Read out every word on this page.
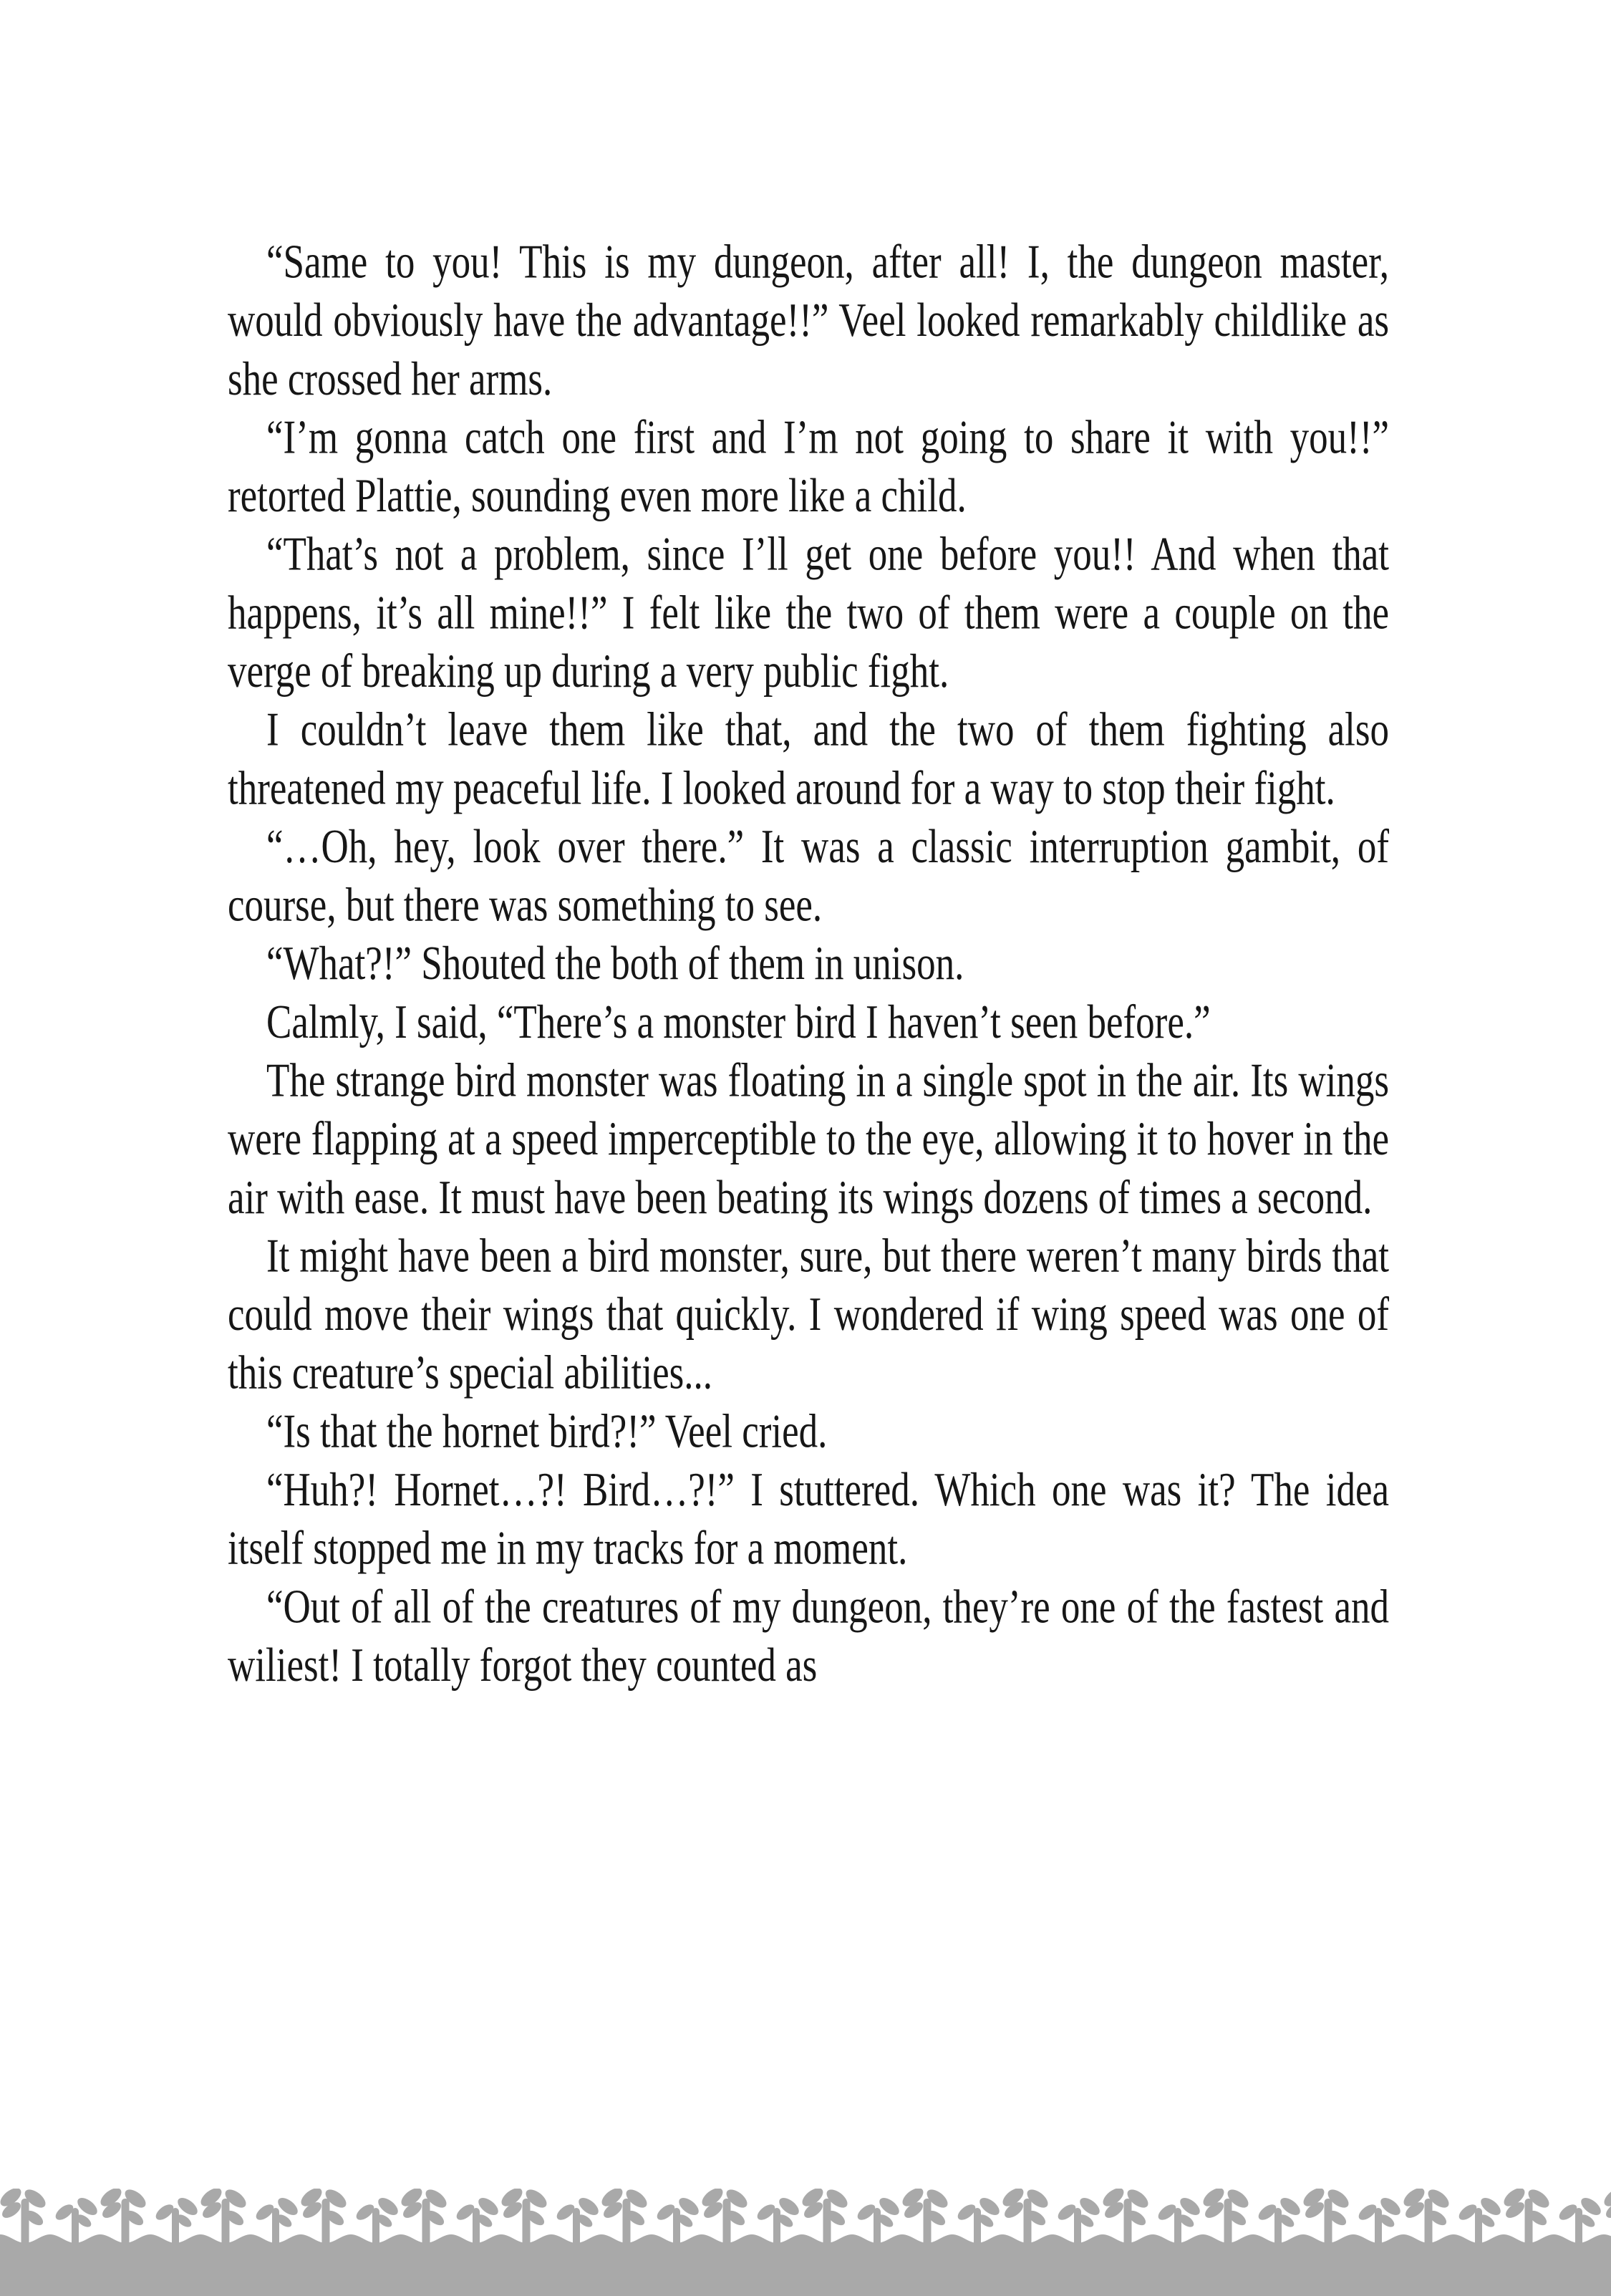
“Same to you! This is my dungeon, after all! I, the dungeon master, would obviously have the advantage!!” Veel looked remarkably childlike as she crossed her arms.

“I’m gonna catch one first and I’m not going to share it with you!!” retorted Plattie, sounding even more like a child.

“That’s not a problem, since I’ll get one before you!! And when that happens, it’s all mine!!” I felt like the two of them were a couple on the verge of breaking up during a very public fight.

I couldn’t leave them like that, and the two of them fighting also threatened my peaceful life. I looked around for a way to stop their fight.

“…Oh, hey, look over there.” It was a classic interruption gambit, of course, but there was something to see.

“What?!” Shouted the both of them in unison.

Calmly, I said, “There’s a monster bird I haven’t seen before.”

The strange bird monster was floating in a single spot in the air. Its wings were flapping at a speed imperceptible to the eye, allowing it to hover in the air with ease. It must have been beating its wings dozens of times a second.

It might have been a bird monster, sure, but there weren’t many birds that could move their wings that quickly. I wondered if wing speed was one of this creature’s special abilities...

“Is that the hornet bird?!” Veel cried.

“Huh?! Hornet…?! Bird…?!” I stuttered. Which one was it? The idea itself stopped me in my tracks for a moment.

“Out of all of the creatures of my dungeon, they’re one of the fastest and wiliest! I totally forgot they counted as
